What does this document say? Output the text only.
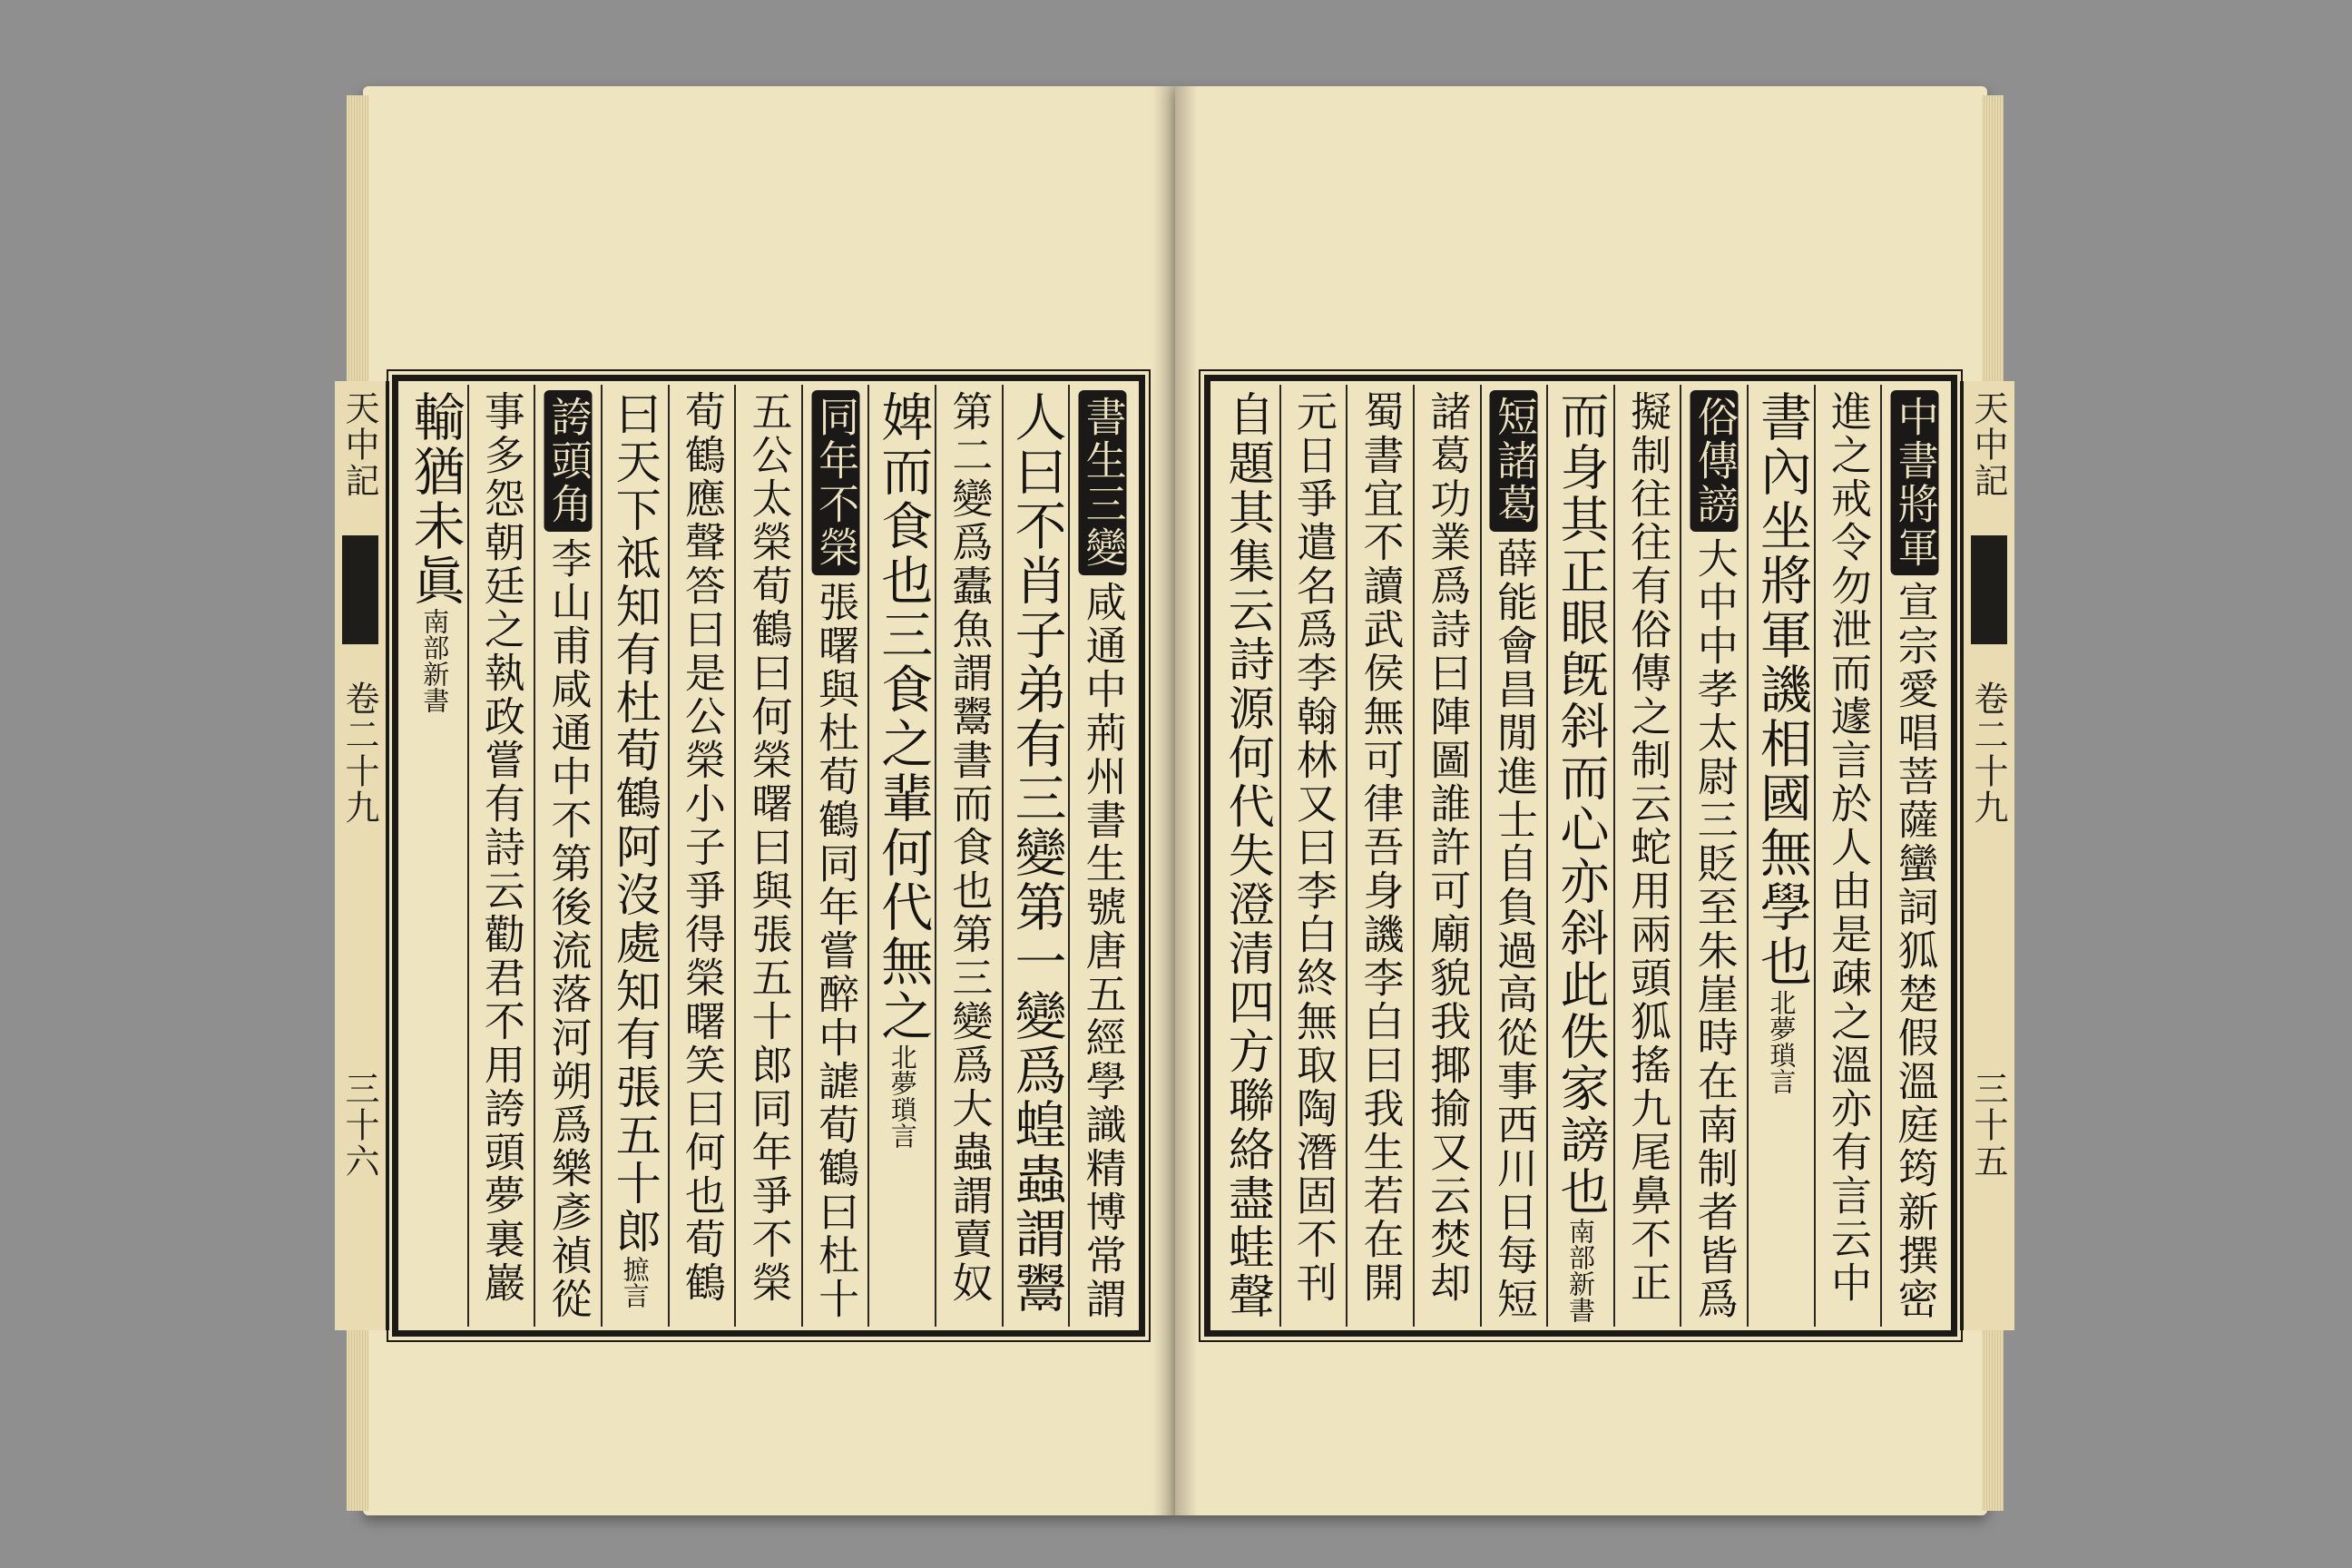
天中記
卷二十九
三十六
書生三變咸通中荊州書生號唐五經學識精博常謂
人曰不肖子弟有三變第一變爲蝗蟲謂鬻
第二變爲蠹魚謂鬻書而食也第三變爲大蟲謂賣奴
婢而食也三食之輩何代無之北夢瑣言
同年不榮張曙與杜荀鶴同年嘗醉中謔荀鶴曰杜十
五公太榮荀鶴曰何榮曙曰與張五十郎同年爭不榮
荀鶴應聲答曰是公榮小子爭得榮曙笑曰何也荀鶴
曰天下祗知有杜荀鶴阿沒處知有張五十郎摭言
誇頭角李山甫咸通中不第後流落河朔爲樂彥禎從
事多怨朝廷之執政嘗有詩云勸君不用誇頭夢裏巖
輸猶未眞南部新書
天中記
卷二十九
三十五
中書將軍宣宗愛唱菩薩蠻詞狐楚假溫庭筠新撰密
進之戒令勿泄而遽言於人由是疎之溫亦有言云中
書內坐將軍譏相國無學也北夢瑣言
俗傳謗大中中孝太尉三貶至朱崖時在南制者皆爲
擬制往往有俗傳之制云蛇用兩頭狐搖九尾鼻不正
而身其正眼旣斜而心亦斜此佚家謗也南部新書
短諸葛薛能會昌閒進士自負過高從事西川日每短
諸葛功業爲詩曰陣圖誰許可廟貌我揶揄又云焚却
蜀書宜不讀武侯無可律吾身譏李白曰我生若在開
元日爭遣名爲李翰林又曰李白終無取陶潛固不刊
自題其集云詩源何代失澄清四方聯絡盡蛙聲
